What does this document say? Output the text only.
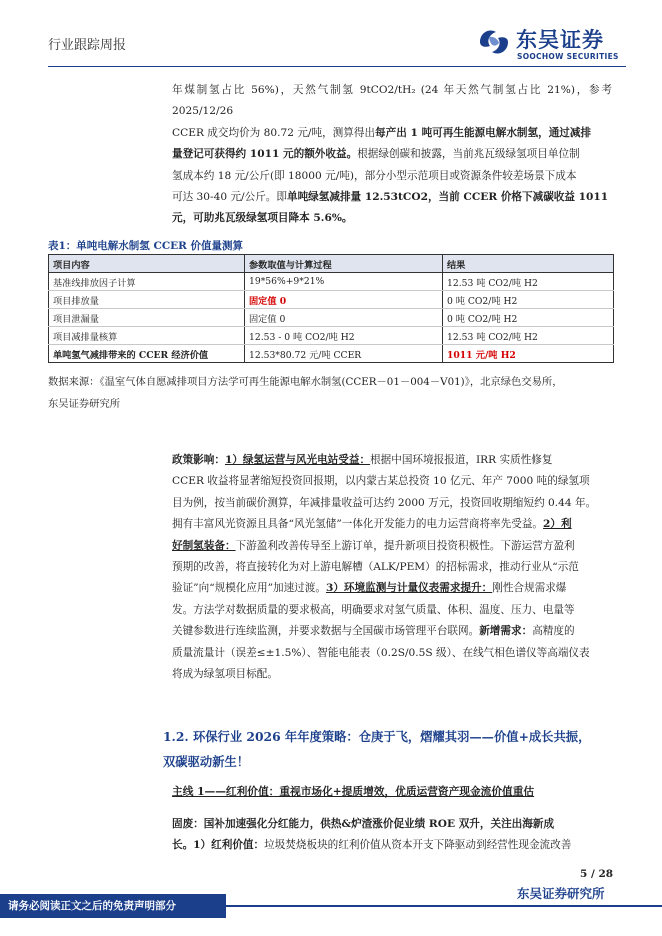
行业跟踪周报	东吴证券
SOOCHOW SECURITIES
年煤制氢占比 56%)，天然气制氢 9tCO2/tH₂ (24 年天然气制氢占比 21%)，参考 2025/12/26
CCER 成交均价为 80.72 元/吨，测算得出每产出 1 吨可再生能源电解水制氢，通过减排
量登记可获得约 1011 元的额外收益。根据绿创碳和披露，当前兆瓦级绿氢项目单位制
氢成本约 18 元/公斤(即 18000 元/吨)，部分小型示范项目或资源条件较差场景下成本
可达 30-40 元/公斤。即单吨绿氢减排量 12.53tCO2，当前 CCER 价格下减碳收益 1011
元，可助兆瓦级绿氢项目降本 5.6%。
表1：单吨电解水制氢 CCER 价值量测算
项目内容	参数取值与计算过程	结果
基准线排放因子计算	19*56%+9*21%	12.53 吨 CO2/吨 H2
项目排放量	固定值 0	0 吨 CO2/吨 H2
项目泄漏量	固定值 0	0 吨 CO2/吨 H2
项目减排量核算	12.53 - 0 吨 CO2/吨 H2	12.53 吨 CO2/吨 H2
单吨氢气减排带来的 CCER 经济价值	12.53*80.72 元/吨 CCER	1011 元/吨 H2
数据来源：《温室气体自愿减排项目方法学可再生能源电解水制氢(CCER－01－004－V01)》，北京绿色交易所，
东吴证券研究所
政策影响：1）绿氢运营与风光电站受益：根据中国环境报报道，IRR 实质性修复
CCER 收益将显著缩短投资回报期，以内蒙古某总投资 10 亿元、年产 7000 吨的绿氢项
目为例，按当前碳价测算，年减排量收益可达约 2000 万元，投资回收期缩短约 0.44 年。
拥有丰富风光资源且具备“风光氢储”一体化开发能力的电力运营商将率先受益。2）利
好制氢装备：下游盈利改善传导至上游订单，提升新项目投资积极性。下游运营方盈利
预期的改善，将直接转化为对上游电解槽（ALK/PEM）的招标需求，推动行业从“示范
验证”向“规模化应用”加速过渡。3）环境监测与计量仪表需求提升：刚性合规需求爆
发。方法学对数据质量的要求极高，明确要求对氢气质量、体积、温度、压力、电量等
关键参数进行连续监测，并要求数据与全国碳市场管理平台联网。新增需求：高精度的
质量流量计（误差≤±1.5%）、智能电能表（0.2S/0.5S 级）、在线气相色谱仪等高端仪表
将成为绿氢项目标配。
1.2. 环保行业 2026 年年度策略：仓庚于飞，熠耀其羽——价值+成长共振，
双碳驱动新生！
主线 1——红利价值：重视市场化+提质增效，优质运营资产现金流价值重估
固废：国补加速强化分红能力，供热&炉渣涨价促业绩 ROE 双升，关注出海新成
长。1）红利价值：垃圾焚烧板块的红利价值从资本开支下降驱动到经营性现金流改善
5 / 28
东吴证券研究所
请务必阅读正文之后的免责声明部分
